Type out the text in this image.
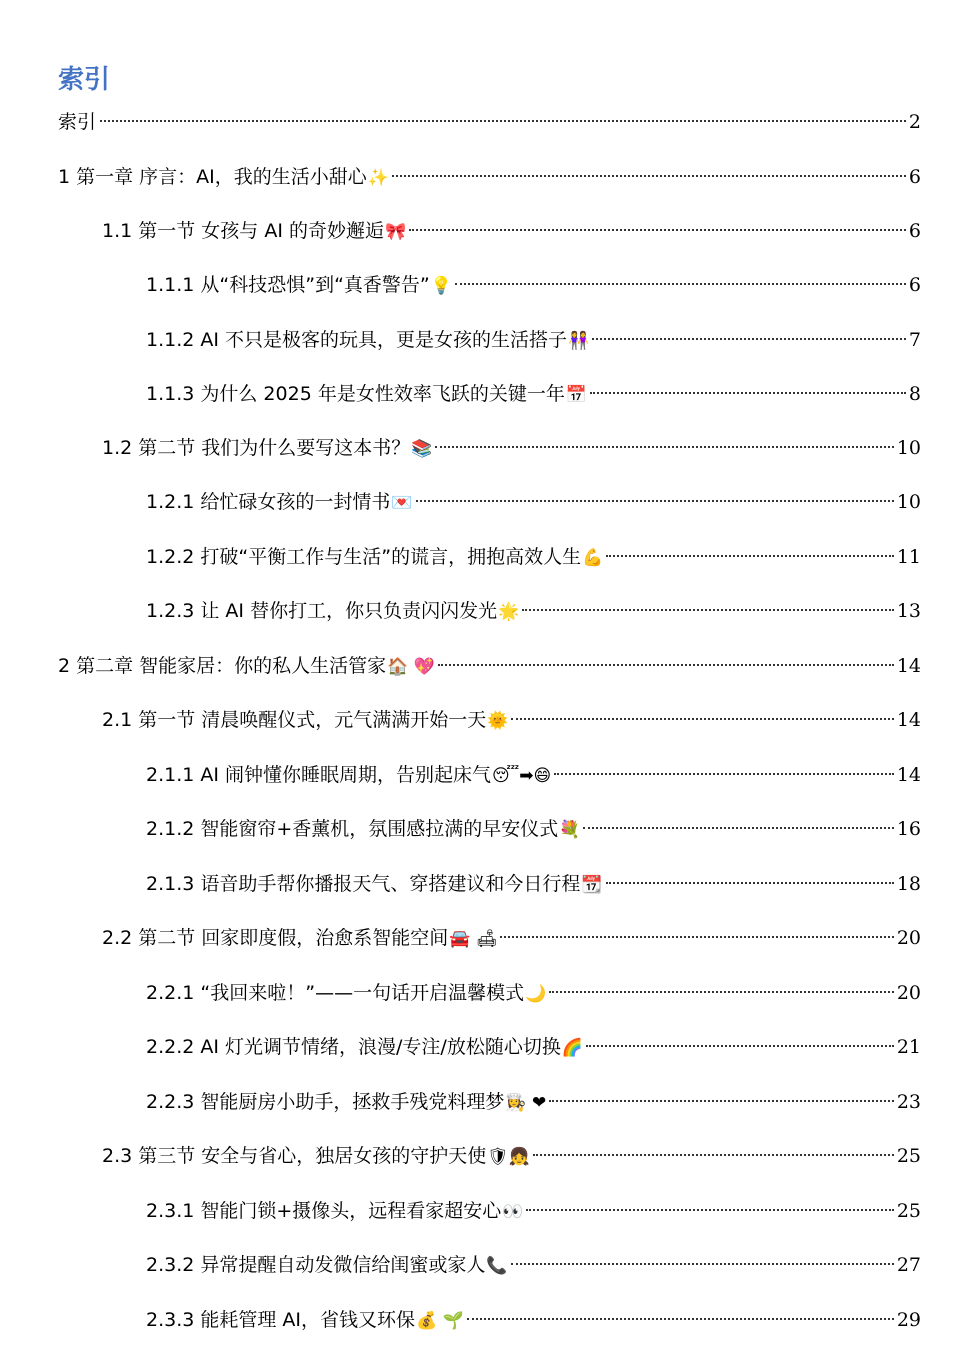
索引
索引	2
1 第一章 序言：AI，我的生活小甜心 ✨	6
1.1 第一节 女孩与 AI 的奇妙邂逅 🎀	6
1.1.1 从“科技恐惧”到“真香警告” 💡	6
1.1.2 AI 不只是极客的玩具，更是女孩的生活搭子 👭	7
1.1.3 为什么 2025 年是女性效率飞跃的关键一年 📅	8
1.2 第二节 我们为什么要写这本书？ 📚	10
1.2.1 给忙碌女孩的一封情书 💌	10
1.2.2 打破“平衡工作与生活”的谎言，拥抱高效人生 💪	11
1.2.3 让 AI 替你打工，你只负责闪闪发光 🌟	13
2 第二章 智能家居：你的私人生活管家 🏠 💖	14
2.1 第一节 清晨唤醒仪式，元气满满开始一天 🌞	14
2.1.1 AI 闹钟懂你睡眠周期，告别起床气 😴➡😄	14
2.1.2 智能窗帘+香薰机，氛围感拉满的早安仪式 💐	16
2.1.3 语音助手帮你播报天气、穿搭建议和今日行程 📆	18
2.2 第二节 回家即度假，治愈系智能空间 🚘 🛋	20
2.2.1 “我回来啦！”——一句话开启温馨模式 🌙	20
2.2.2 AI 灯光调节情绪，浪漫/专注/放松随心切换 🌈	21
2.2.3 智能厨房小助手，拯救手残党料理梦 👩‍🍳 ❤	23
2.3 第三节 安全与省心，独居女孩的守护天使 🛡👧	25
2.3.1 智能门锁+摄像头，远程看家超安心 👀	25
2.3.2 异常提醒自动发微信给闺蜜或家人 📞	27
2.3.3 能耗管理 AI，省钱又环保 💰 🌱	29
